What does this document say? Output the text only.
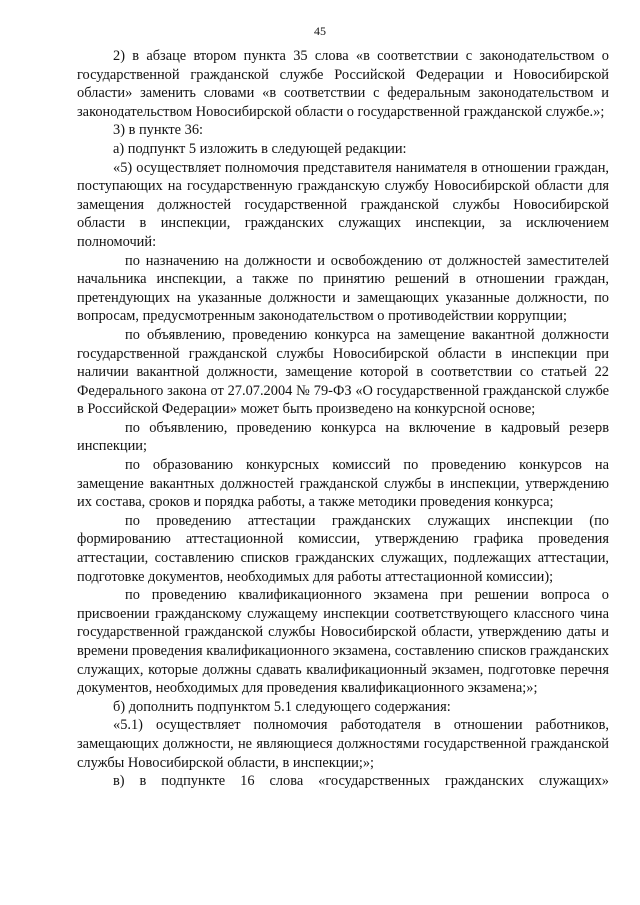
45

2) в абзаце втором пункта 35 слова «в соответствии с законодательством о государственной гражданской службе Российской Федерации и Новосибирской области» заменить словами «в соответствии с федеральным законодательством и законодательством Новосибирской области о государственной гражданской службе.»;

3) в пункте 36:

а) подпункт 5 изложить в следующей редакции:

«5) осуществляет полномочия представителя нанимателя в отношении граждан, поступающих на государственную гражданскую службу Новосибирской области для замещения должностей государственной гражданской службы Новосибирской области в инспекции, гражданских служащих инспекции, за исключением полномочий:

по назначению на должности и освобождению от должностей заместителей начальника инспекции, а также по принятию решений в отношении граждан, претендующих на указанные должности и замещающих указанные должности, по вопросам, предусмотренным законодательством о противодействии коррупции;

по объявлению, проведению конкурса на замещение вакантной должности государственной гражданской службы Новосибирской области в инспекции при наличии вакантной должности, замещение которой в соответствии со статьей 22 Федерального закона от 27.07.2004 № 79-ФЗ «О государственной гражданской службе в Российской Федерации» может быть произведено на конкурсной основе;

по объявлению, проведению конкурса на включение в кадровый резерв инспекции;

по образованию конкурсных комиссий по проведению конкурсов на замещение вакантных должностей гражданской службы в инспекции, утверждению их состава, сроков и порядка работы, а также методики проведения конкурса;

по проведению аттестации гражданских служащих инспекции (по формированию аттестационной комиссии, утверждению графика проведения аттестации, составлению списков гражданских служащих, подлежащих аттестации, подготовке документов, необходимых для работы аттестационной комиссии);

по проведению квалификационного экзамена при решении вопроса о присвоении гражданскому служащему инспекции соответствующего классного чина государственной гражданской службы Новосибирской области, утверждению даты и времени проведения квалификационного экзамена, составлению списков гражданских служащих, которые должны сдавать квалификационный экзамен, подготовке перечня документов, необходимых для проведения квалификационного экзамена;»;

б) дополнить подпунктом 5.1 следующего содержания:

«5.1) осуществляет полномочия работодателя в отношении работников, замещающих должности, не являющиеся должностями государственной гражданской службы Новосибирской области, в инспекции;»;

в) в подпункте 16 слова «государственных гражданских служащих»
